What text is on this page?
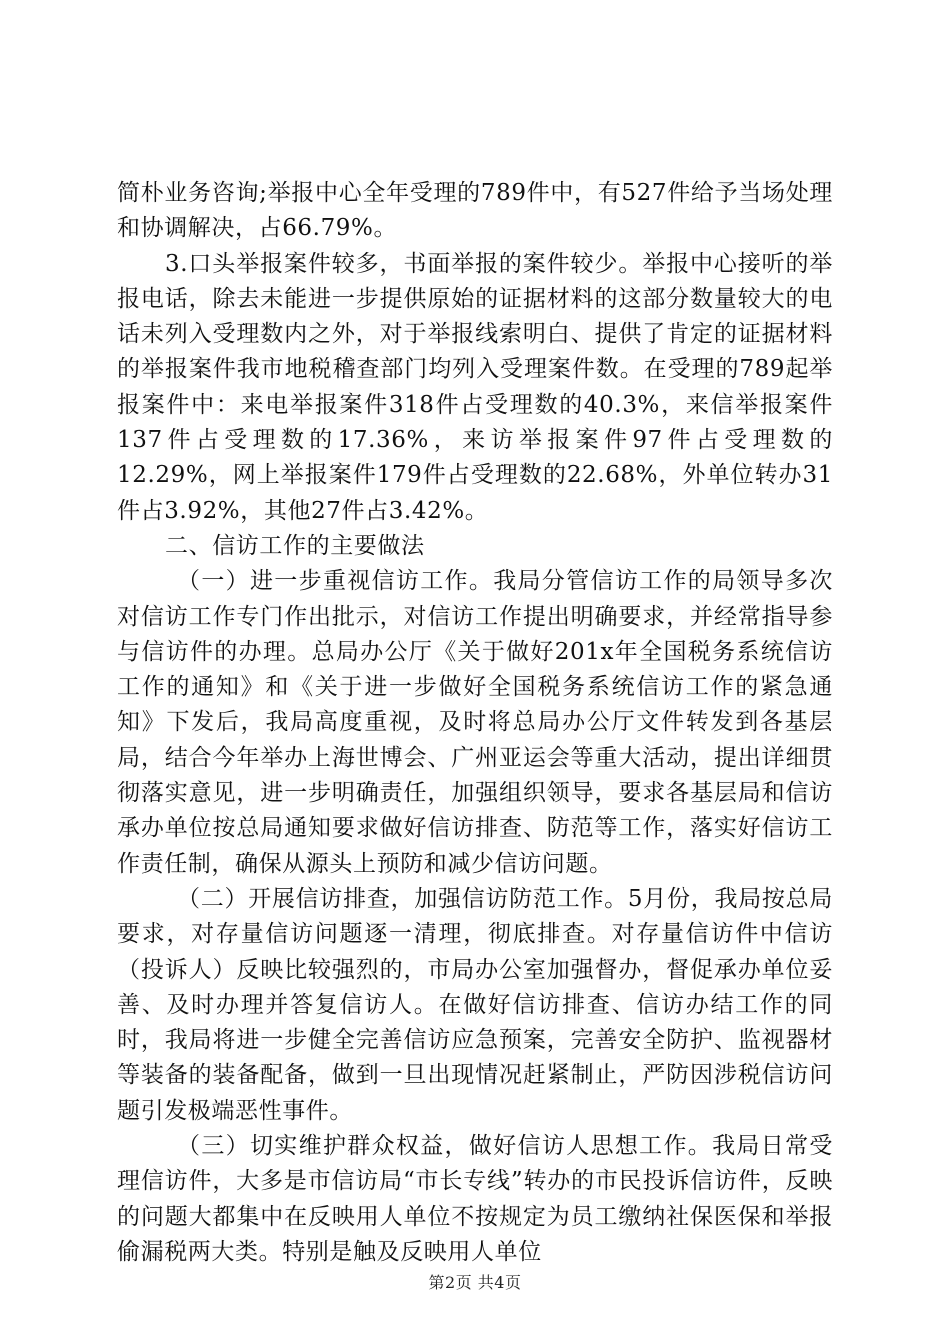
简朴业务咨询;举报中心全年受理的789件中，有527件给予当场处理和协调解决，占66.79%。

3.口头举报案件较多，书面举报的案件较少。举报中心接听的举报电话，除去未能进一步提供原始的证据材料的这部分数量较大的电话未列入受理数内之外，对于举报线索明白、提供了肯定的证据材料的举报案件我市地税稽查部门均列入受理案件数。在受理的789起举报案件中：来电举报案件318件占受理数的40.3%，来信举报案件137件占受理数的17.36%，来访举报案件97件占受理数的12.29%，网上举报案件179件占受理数的22.68%，外单位转办31件占3.92%，其他27件占3.42%。

二、信访工作的主要做法

（一）进一步重视信访工作。我局分管信访工作的局领导多次对信访工作专门作出批示，对信访工作提出明确要求，并经常指导参与信访件的办理。总局办公厅《关于做好201x年全国税务系统信访工作的通知》和《关于进一步做好全国税务系统信访工作的紧急通知》下发后，我局高度重视，及时将总局办公厅文件转发到各基层局，结合今年举办上海世博会、广州亚运会等重大活动，提出详细贯彻落实意见，进一步明确责任，加强组织领导，要求各基层局和信访承办单位按总局通知要求做好信访排查、防范等工作，落实好信访工作责任制，确保从源头上预防和减少信访问题。

（二）开展信访排查，加强信访防范工作。5月份，我局按总局要求，对存量信访问题逐一清理，彻底排查。对存量信访件中信访（投诉人）反映比较强烈的，市局办公室加强督办，督促承办单位妥善、及时办理并答复信访人。在做好信访排查、信访办结工作的同时，我局将进一步健全完善信访应急预案，完善安全防护、监视器材等装备的装备配备，做到一旦出现情况赶紧制止，严防因涉税信访问题引发极端恶性事件。

（三）切实维护群众权益，做好信访人思想工作。我局日常受理信访件，大多是市信访局“市长专线”转办的市民投诉信访件，反映的问题大都集中在反映用人单位不按规定为员工缴纳社保医保和举报偷漏税两大类。特别是触及反映用人单位

第2页 共4页
